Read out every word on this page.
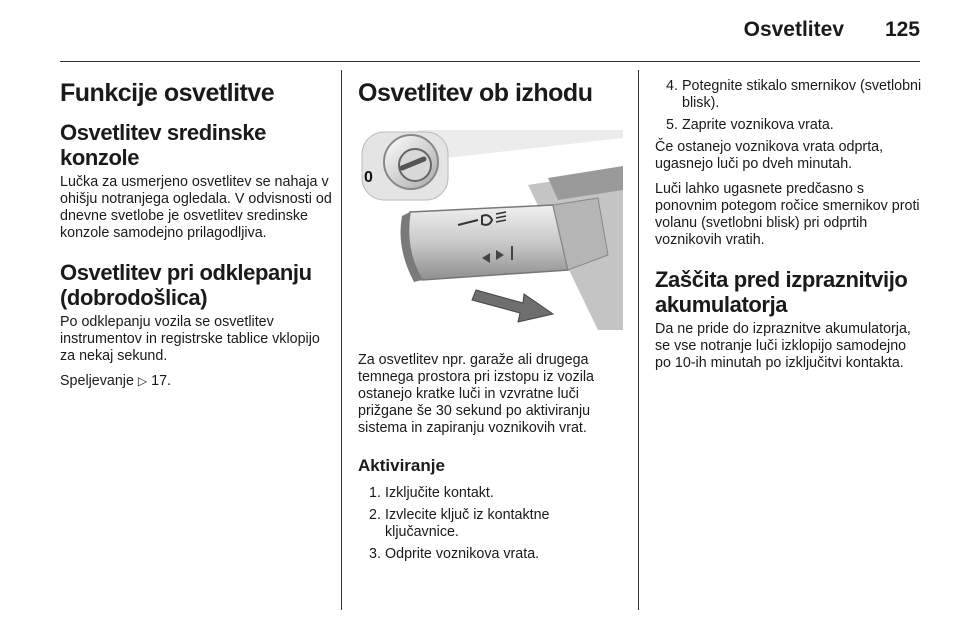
Osvetlitev 125
Funkcije osvetlitve
Osvetlitev sredinske konzole

Lučka za usmerjeno osvetlitev se nahaja v ohišju notranjega ogledala. V odvisnosti od dnevne svetlobe je osvetlitev sredinske konzole samodejno prilagodljiva.

Osvetlitev pri odklepanju (dobrodošlica)

Po odklepanju vozila se osvetlitev instrumentov in registrske tablice vklopijo za nekaj sekund.

Speljevanje ▷ 17.

Osvetlitev ob izhodu
0

Za osvetlitev npr. garaže ali drugega temnega prostora pri izstopu iz vozila ostanejo kratke luči in vzvratne luči prižgane še 30 sekund po aktiviranju sistema in zapiranju voznikovih vrat.

Aktiviranje
1. Izključite kontakt.
2. Izvlecite ključ iz kontaktne ključavnice.
3. Odprite voznikova vrata.
4. Potegnite stikalo smernikov (svetlobni blisk).
5. Zaprite voznikova vrata.

Če ostanejo voznikova vrata odprta, ugasnejo luči po dveh minutah.

Luči lahko ugasnete predčasno s ponovnim potegom ročice smernikov proti volanu (svetlobni blisk) pri odprtih voznikovih vratih.

Zaščita pred izpraznitvijo akumulatorja

Da ne pride do izpraznitve akumulatorja, se vse notranje luči izklopijo samodejno po 10-ih minutah po izključitvi kontakta.
